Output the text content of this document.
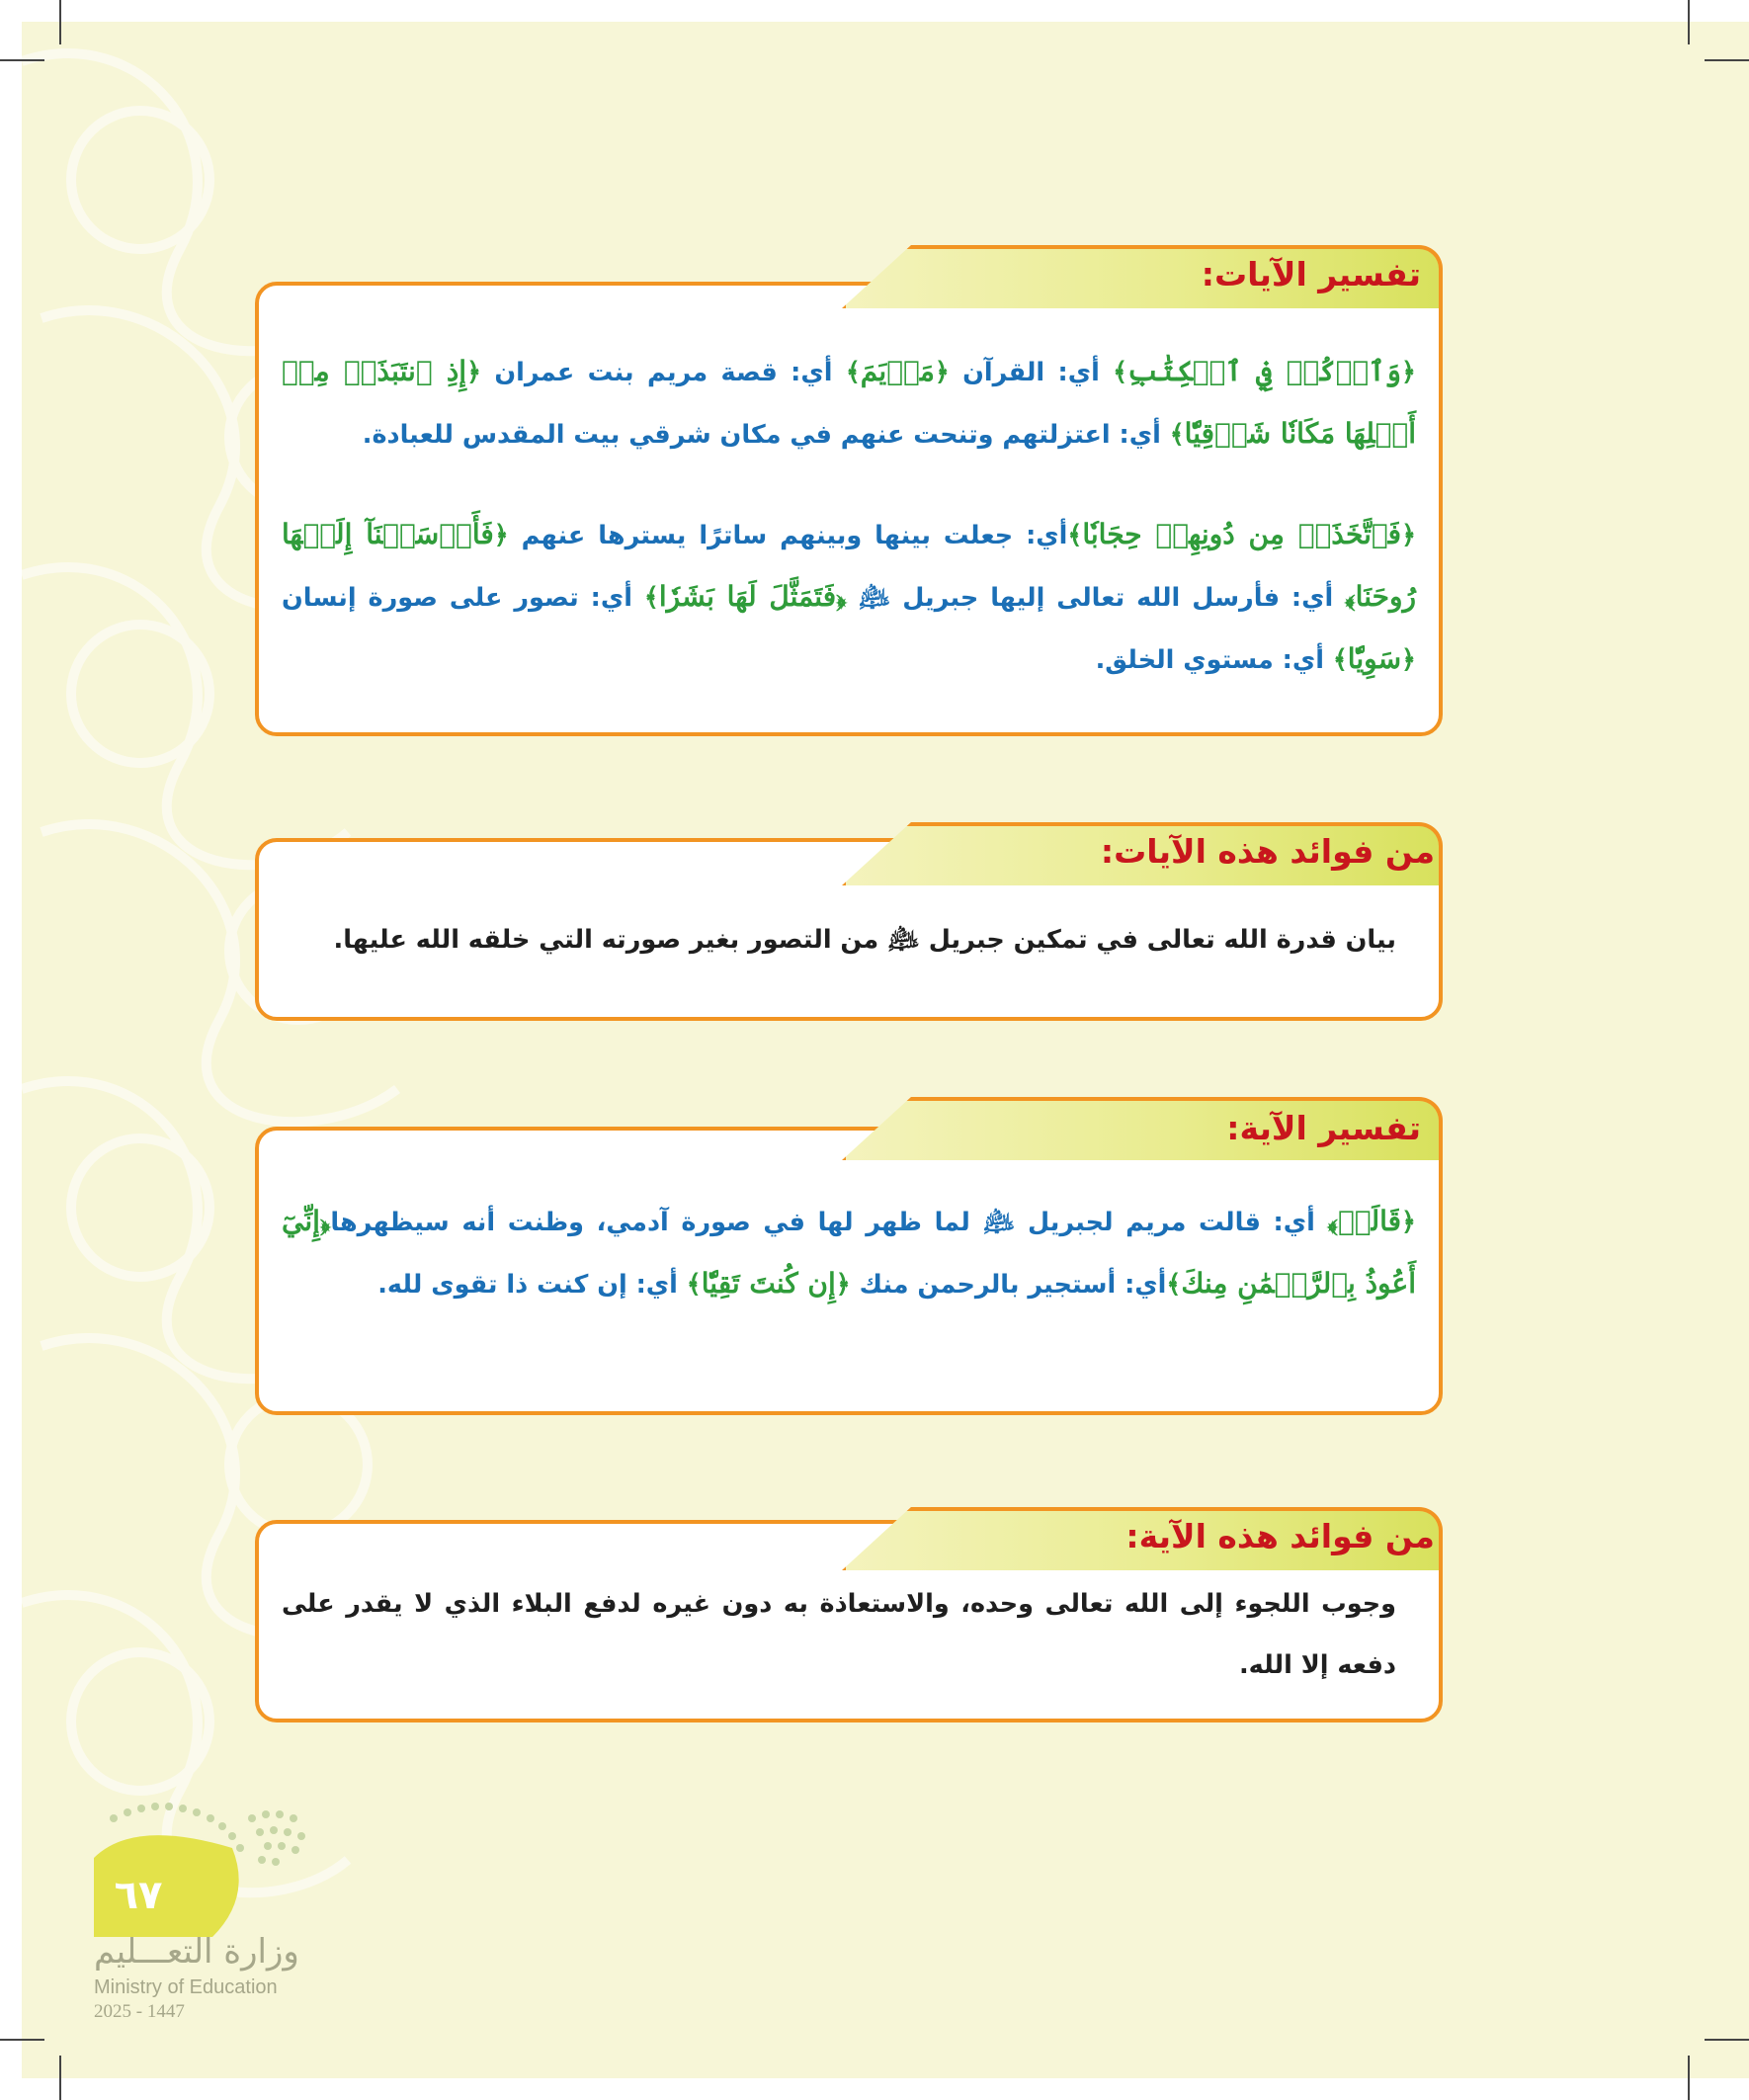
تفسير الآيات:
﴿وَٱذۡكُرۡ فِي ٱلۡكِتَٰبِ﴾ أي: القرآن ﴿مَرۡيَمَ﴾ أي: قصة مريم بنت عمران ﴿إِذِ ٱنتَبَذَتۡ مِنۡ أَهۡلِهَا مَكَانٗا شَرۡقِيّٗا﴾ أي: اعتزلتهم وتنحت عنهم في مكان شرقي بيت المقدس للعبادة.
﴿فَٱتَّخَذَتۡ مِن دُونِهِمۡ حِجَابٗا﴾أي: جعلت بينها وبينهم ساترًا يسترها عنهم ﴿فَأَرۡسَلۡنَآ إِلَيۡهَا رُوحَنَا﴾ أي: فأرسل الله تعالى إليها جبريل ﵇ ﴿فَتَمَثَّلَ لَهَا بَشَرٗا﴾ أي: تصور على صورة إنسان ﴿سَوِيّٗا﴾ أي: مستوي الخلق.
من فوائد هذه الآيات:
بيان قدرة الله تعالى في تمكين جبريل ﵇ من التصور بغير صورته التي خلقه الله عليها.
تفسير الآية:
﴿قَالَتۡ﴾ أي: قالت مريم لجبريل ﵇ لما ظهر لها في صورة آدمي، وظنت أنه سيظهرها﴿إِنِّيٓ أَعُوذُ بِٱلرَّحۡمَٰنِ مِنكَ﴾أي: أستجير بالرحمن منك ﴿إِن كُنتَ تَقِيّٗا﴾ أي: إن كنت ذا تقوى لله.
من فوائد هذه الآية:
وجوب اللجوء إلى الله تعالى وحده، والاستعاذة به دون غيره لدفع البلاء الذي لا يقدر على دفعه إلا الله.
٦٧
وزارة التعـــليم
Ministry of Education
2025 - 1447
